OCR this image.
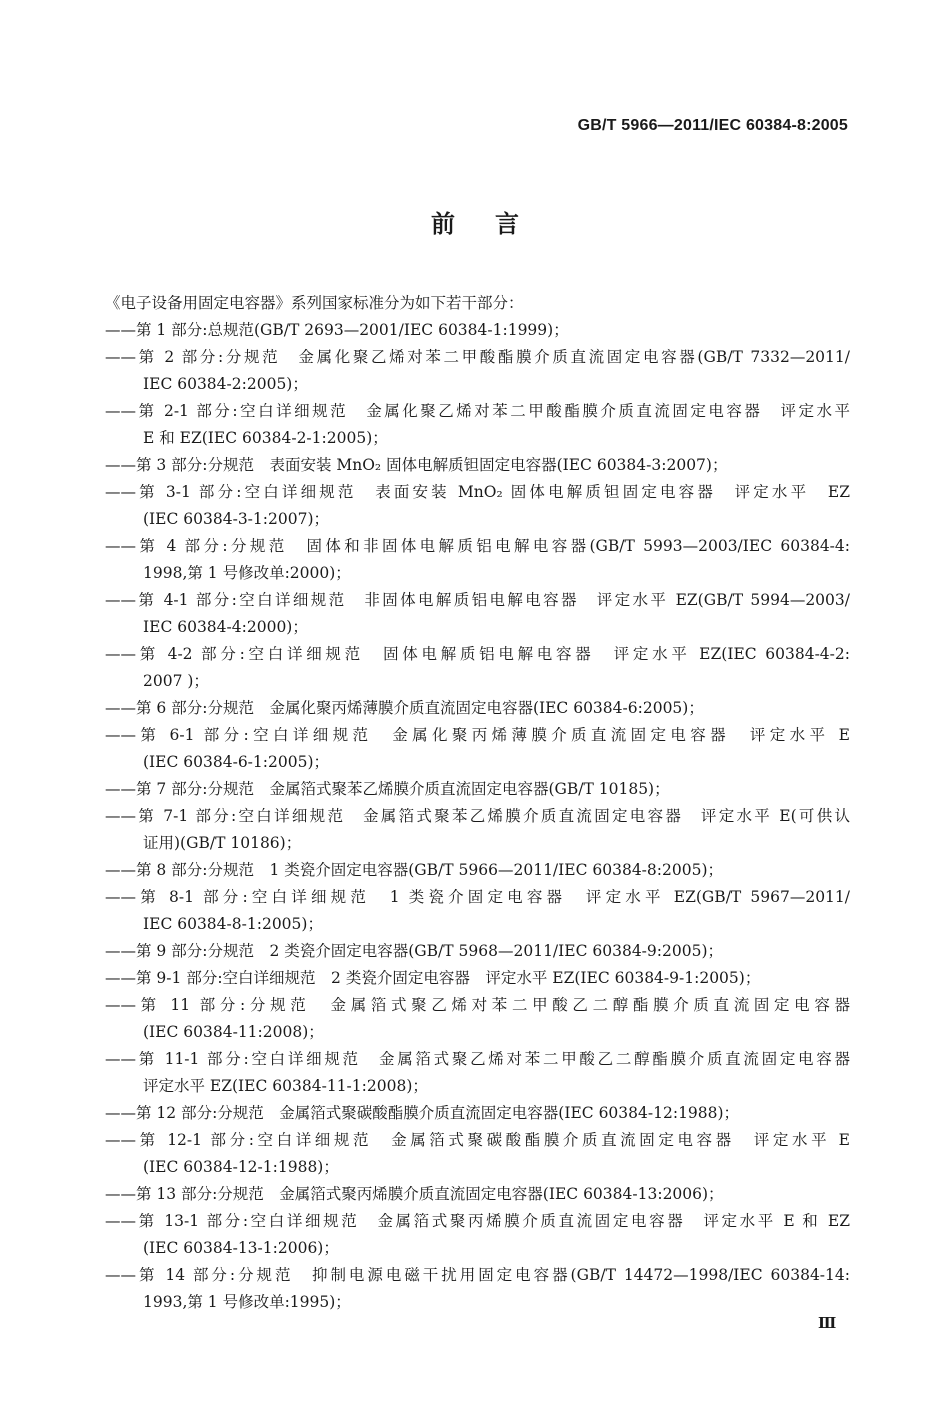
GB/T 5966—2011/IEC 60384-8:2005
前言
《电子设备用固定电容器》系列国家标准分为如下若干部分：
——第 1 部分:总规范(GB/T 2693—2001/IEC 60384-1:1999)；
——第 2 部分:分规范　金属化聚乙烯对苯二甲酸酯膜介质直流固定电容器(GB/T 7332—2011/
IEC 60384-2:2005)；
——第 2-1 部分:空白详细规范　金属化聚乙烯对苯二甲酸酯膜介质直流固定电容器　评定水平
E 和 EZ(IEC 60384-2-1:2005)；
——第 3 部分:分规范　表面安装 MnO₂ 固体电解质钽固定电容器(IEC 60384-3:2007)；
——第 3-1 部分:空白详细规范　表面安装 MnO₂ 固体电解质钽固定电容器　评定水平　EZ
(IEC 60384-3-1:2007)；
——第 4 部分:分规范　固体和非固体电解质铝电解电容器(GB/T 5993—2003/IEC 60384-4:
1998,第 1 号修改单:2000)；
——第 4-1 部分:空白详细规范　非固体电解质铝电解电容器　评定水平 EZ(GB/T 5994—2003/
IEC 60384-4:2000)；
——第 4-2 部分:空白详细规范　固体电解质铝电解电容器　评定水平 EZ(IEC 60384-4-2:
2007 )；
——第 6 部分:分规范　金属化聚丙烯薄膜介质直流固定电容器(IEC 60384-6:2005)；
——第 6-1 部分:空白详细规范　金属化聚丙烯薄膜介质直流固定电容器　评定水平 E
(IEC 60384-6-1:2005)；
——第 7 部分:分规范　金属箔式聚苯乙烯膜介质直流固定电容器(GB/T 10185)；
——第 7-1 部分:空白详细规范　金属箔式聚苯乙烯膜介质直流固定电容器　评定水平 E(可供认
证用)(GB/T 10186)；
——第 8 部分:分规范　1 类瓷介固定电容器(GB/T 5966—2011/IEC 60384-8:2005)；
——第 8-1 部分:空白详细规范　1 类瓷介固定电容器　评定水平 EZ(GB/T 5967—2011/
IEC 60384-8-1:2005)；
——第 9 部分:分规范　2 类瓷介固定电容器(GB/T 5968—2011/IEC 60384-9:2005)；
——第 9-1 部分:空白详细规范　2 类瓷介固定电容器　评定水平 EZ(IEC 60384-9-1:2005)；
——第 11 部分:分规范　金属箔式聚乙烯对苯二甲酸乙二醇酯膜介质直流固定电容器
(IEC 60384-11:2008)；
——第 11-1 部分:空白详细规范　金属箔式聚乙烯对苯二甲酸乙二醇酯膜介质直流固定电容器
评定水平 EZ(IEC 60384-11-1:2008)；
——第 12 部分:分规范　金属箔式聚碳酸酯膜介质直流固定电容器(IEC 60384-12:1988)；
——第 12-1 部分:空白详细规范　金属箔式聚碳酸酯膜介质直流固定电容器　评定水平 E
(IEC 60384-12-1:1988)；
——第 13 部分:分规范　金属箔式聚丙烯膜介质直流固定电容器(IEC 60384-13:2006)；
——第 13-1 部分:空白详细规范　金属箔式聚丙烯膜介质直流固定电容器　评定水平 E 和 EZ
(IEC 60384-13-1:2006)；
——第 14 部分:分规范　抑制电源电磁干扰用固定电容器(GB/T 14472—1998/IEC 60384-14:
1993,第 1 号修改单:1995)；
Ⅲ
